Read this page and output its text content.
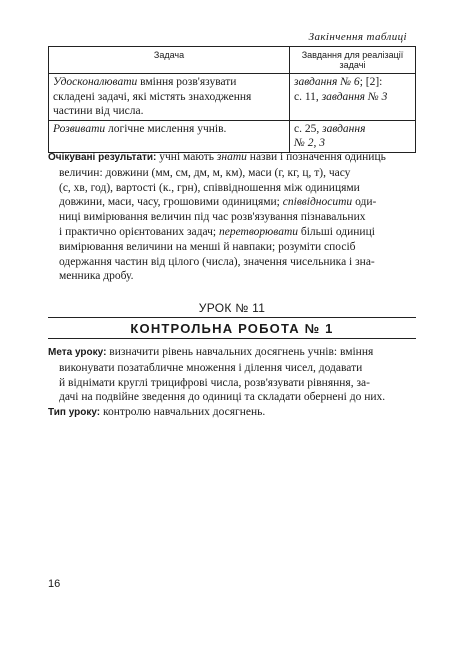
Закінчення таблиці
Задача	Завдання для реалізації задачі

Удосконалювати вміння розв'язувати
складені задачі, які містять знаходження
частини від числа.	завдання № 6; [2]:
с. 11, завдання № 3

Розвивати логічне мислення учнів.	с. 25, завдання
№ 2, 3
Очікувані результати: учні мають знати назви і позначення одиниць
величин: довжини (мм, см, дм, м, км), маси (г, кг, ц, т), часу
(с, хв, год), вартості (к., грн), співвідношення між одиницями
довжини, маси, часу, грошовими одиницями; співвідносити оди-
ниці вимірювання величин під час розв'язування пізнавальних
і практично орієнтованих задач; перетворювати більші одиниці
вимірювання величини на менші й навпаки; розуміти спосіб
одержання частин від цілого (числа), значення чисельника і зна-
менника дробу.
УРОК № 11
КОНТРОЛЬНА РОБОТА № 1
Мета уроку: визначити рівень навчальних досягнень учнів: вміння
виконувати позатабличне множення і ділення чисел, додавати
й віднімати круглі трицифрові числа, розв'язувати рівняння, за-
дачі на подвійне зведення до одиниці та складати обернені до них.
Тип уроку: контролю навчальних досягнень.
16
